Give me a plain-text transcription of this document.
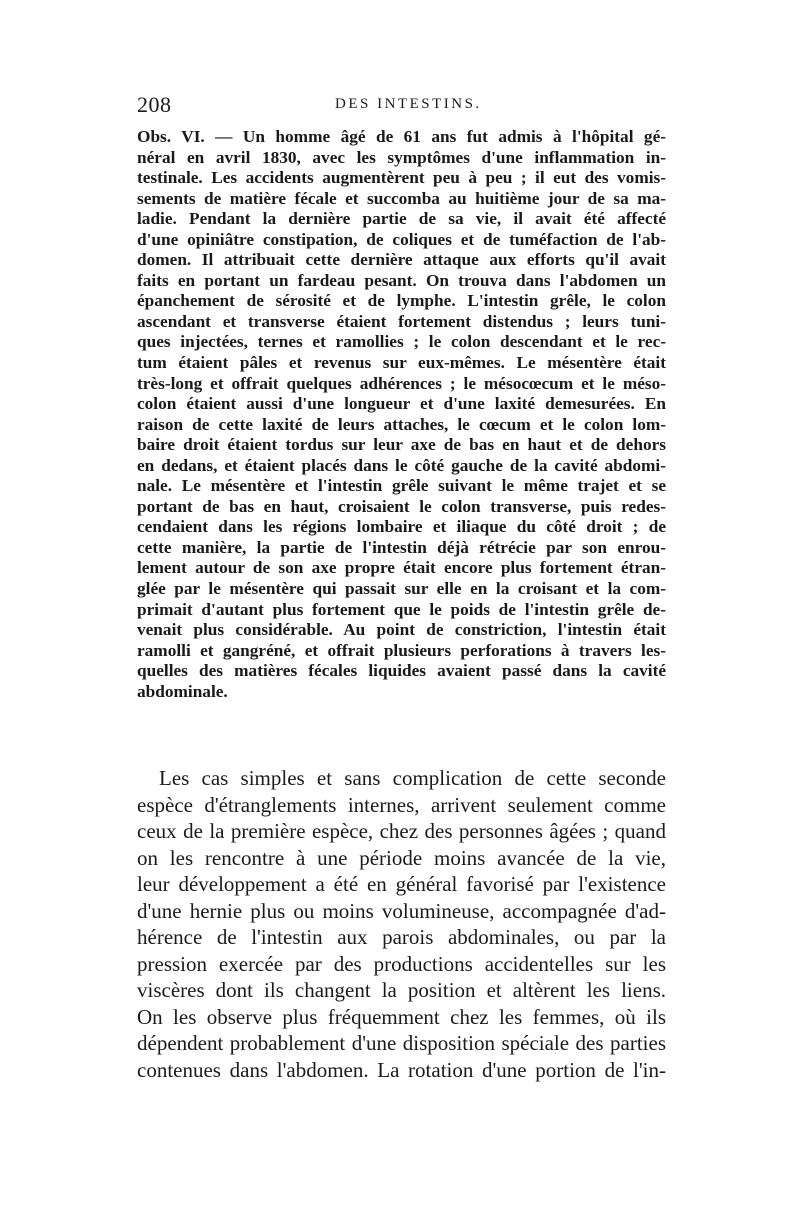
208	DES INTESTINS.
Obs. VI. — Un homme âgé de 61 ans fut admis à l'hôpital gé-
néral en avril 1830, avec les symptômes d'une inflammation in-
testinale. Les accidents augmentèrent peu à peu ; il eut des vomis-
sements de matière fécale et succomba au huitième jour de sa ma-
ladie. Pendant la dernière partie de sa vie, il avait été affecté
d'une opiniâtre constipation, de coliques et de tuméfaction de l'ab-
domen. Il attribuait cette dernière attaque aux efforts qu'il avait
faits en portant un fardeau pesant. On trouva dans l'abdomen un
épanchement de sérosité et de lymphe. L'intestin grêle, le colon
ascendant et transverse étaient fortement distendus ; leurs tuni-
ques injectées, ternes et ramollies ; le colon descendant et le rec-
tum étaient pâles et revenus sur eux-mêmes. Le mésentère était
très-long et offrait quelques adhérences ; le mésocœcum et le méso-
colon étaient aussi d'une longueur et d'une laxité demesurées. En
raison de cette laxité de leurs attaches, le cœcum et le colon lom-
baire droit étaient tordus sur leur axe de bas en haut et de dehors
en dedans, et étaient placés dans le côté gauche de la cavité abdomi-
nale. Le mésentère et l'intestin grêle suivant le même trajet et se
portant de bas en haut, croisaient le colon transverse, puis redes-
cendaient dans les régions lombaire et iliaque du côté droit ; de
cette manière, la partie de l'intestin déjà rétrécie par son enrou-
lement autour de son axe propre était encore plus fortement étran-
glée par le mésentère qui passait sur elle en la croisant et la com-
primait d'autant plus fortement que le poids de l'intestin grêle de-
venait plus considérable. Au point de constriction, l'intestin était
ramolli et gangréné, et offrait plusieurs perforations à travers les-
quelles des matières fécales liquides avaient passé dans la cavité
abdominale.
Les cas simples et sans complication de cette seconde
espèce d'étranglements internes, arrivent seulement comme
ceux de la première espèce, chez des personnes âgées ; quand
on les rencontre à une période moins avancée de la vie,
leur développement a été en général favorisé par l'existence
d'une hernie plus ou moins volumineuse, accompagnée d'ad-
hérence de l'intestin aux parois abdominales, ou par la
pression exercée par des productions accidentelles sur les
viscères dont ils changent la position et altèrent les liens.
On les observe plus fréquemment chez les femmes, où ils
dépendent probablement d'une disposition spéciale des parties
contenues dans l'abdomen. La rotation d'une portion de l'in-
